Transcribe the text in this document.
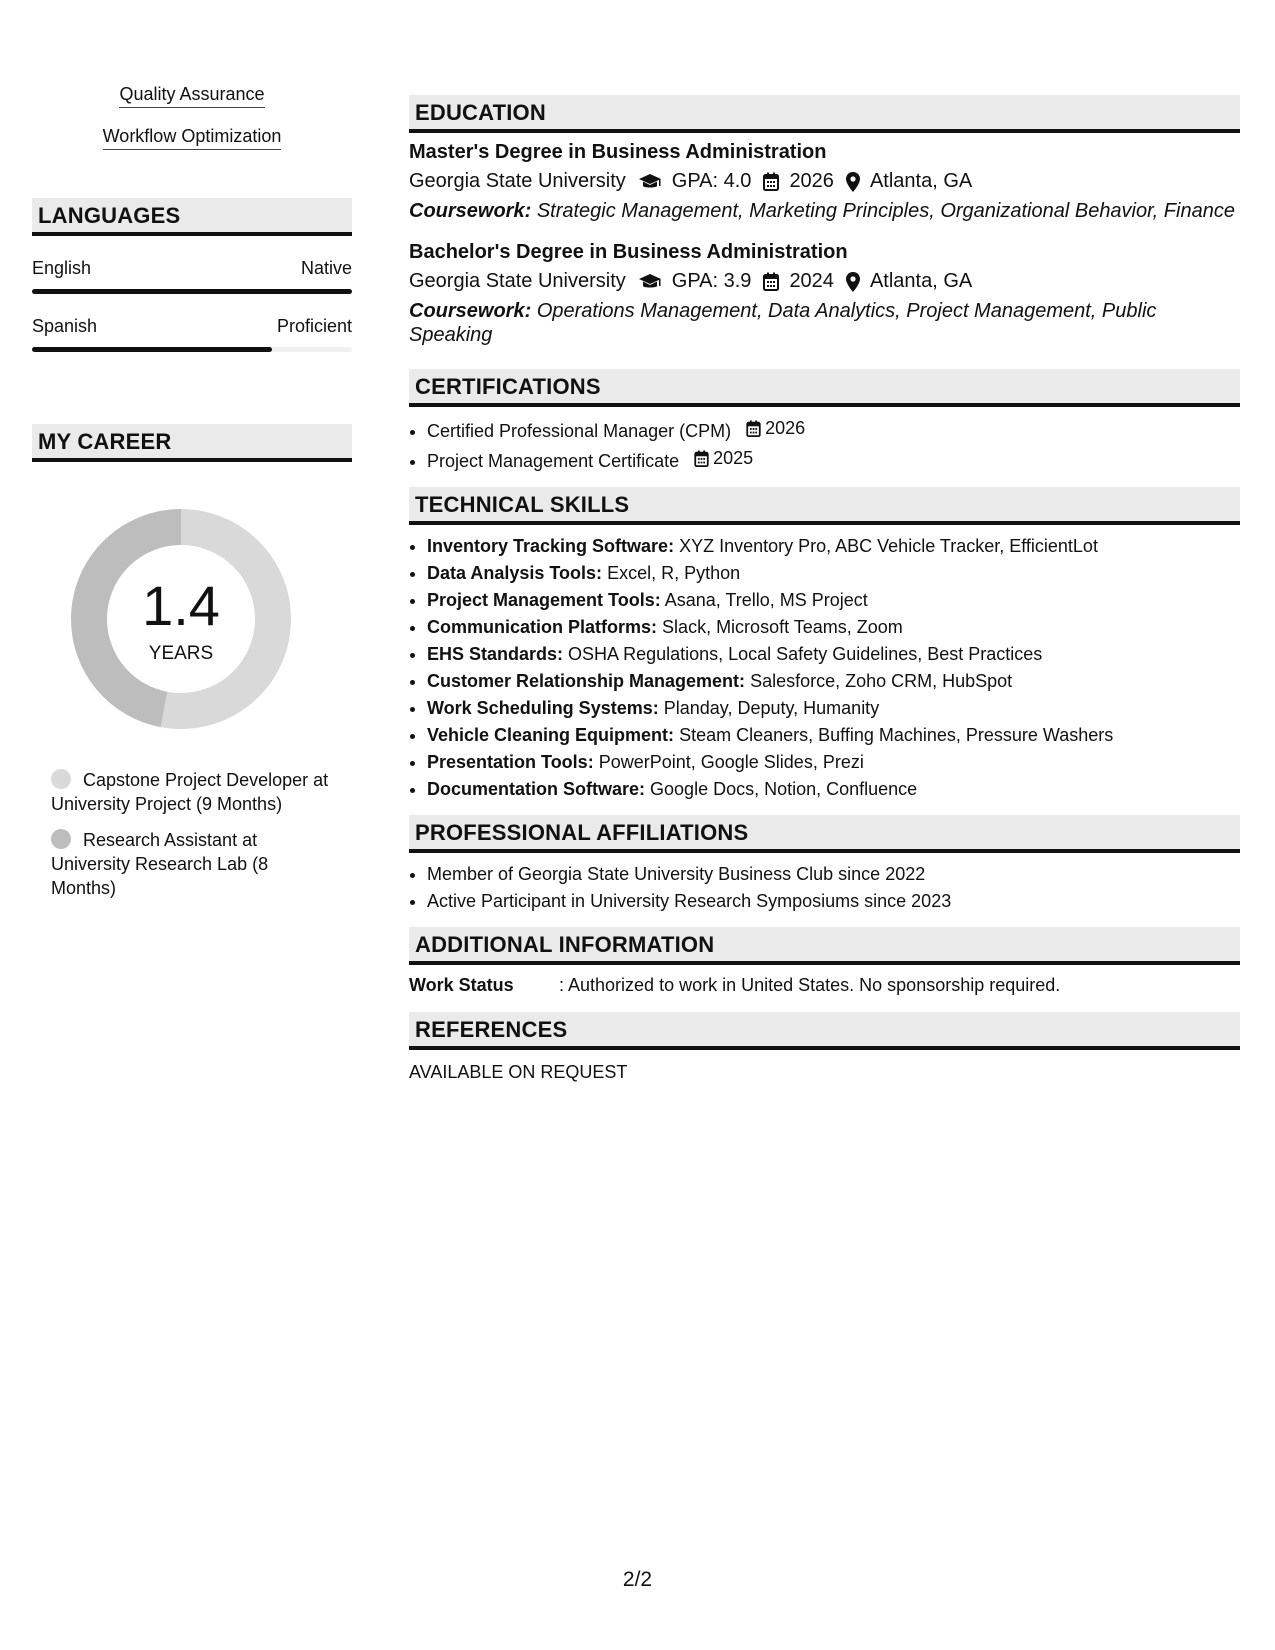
Quality Assurance
Workflow Optimization
LANGUAGES
English	Native
Spanish	Proficient
MY CAREER
1.4
YEARS
Capstone Project Developer at University Project (9 Months)
Research Assistant at University Research Lab (8 Months)
EDUCATION
Master's Degree in Business Administration
Georgia State University GPA: 4.0 2026 Atlanta, GA
Coursework: Strategic Management, Marketing Principles, Organizational Behavior, Finance
Bachelor's Degree in Business Administration
Georgia State University GPA: 3.9 2024 Atlanta, GA
Coursework: Operations Management, Data Analytics, Project Management, Public Speaking
CERTIFICATIONS
• Certified Professional Manager (CPM) 2026
• Project Management Certificate 2025
TECHNICAL SKILLS
• Inventory Tracking Software: XYZ Inventory Pro, ABC Vehicle Tracker, EfficientLot
• Data Analysis Tools: Excel, R, Python
• Project Management Tools: Asana, Trello, MS Project
• Communication Platforms: Slack, Microsoft Teams, Zoom
• EHS Standards: OSHA Regulations, Local Safety Guidelines, Best Practices
• Customer Relationship Management: Salesforce, Zoho CRM, HubSpot
• Work Scheduling Systems: Planday, Deputy, Humanity
• Vehicle Cleaning Equipment: Steam Cleaners, Buffing Machines, Pressure Washers
• Presentation Tools: PowerPoint, Google Slides, Prezi
• Documentation Software: Google Docs, Notion, Confluence
PROFESSIONAL AFFILIATIONS
• Member of Georgia State University Business Club since 2022
• Active Participant in University Research Symposiums since 2023
ADDITIONAL INFORMATION
Work Status	: Authorized to work in United States. No sponsorship required.
REFERENCES
AVAILABLE ON REQUEST
2/2
